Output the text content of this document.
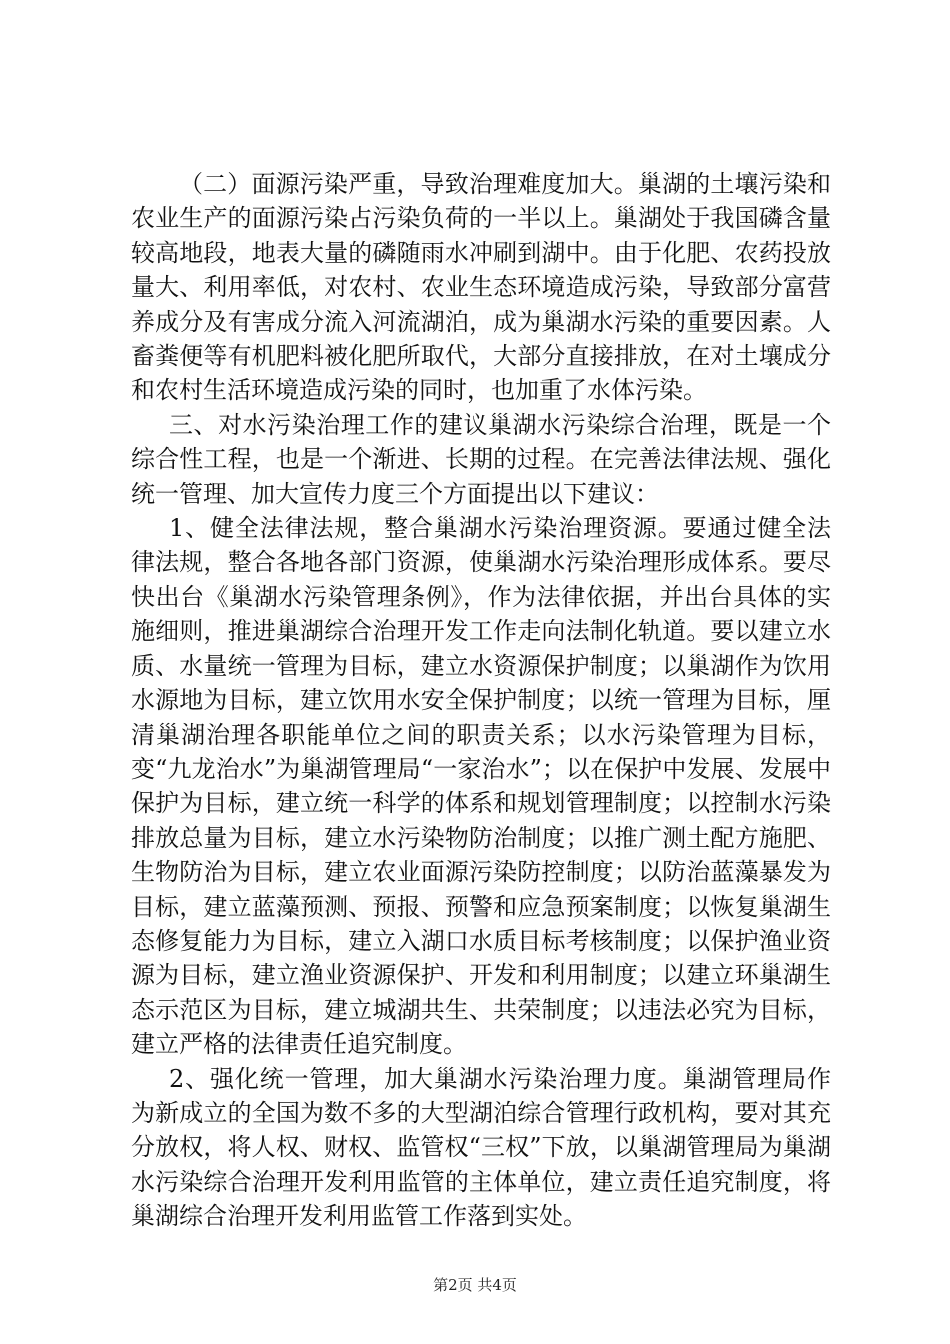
（二）面源污染严重，导致治理难度加大。巢湖的土壤污染和农业生产的面源污染占污染负荷的一半以上。巢湖处于我国磷含量较高地段，地表大量的磷随雨水冲刷到湖中。由于化肥、农药投放量大、利用率低，对农村、农业生态环境造成污染，导致部分富营养成分及有害成分流入河流湖泊，成为巢湖水污染的重要因素。人畜粪便等有机肥料被化肥所取代，大部分直接排放，在对土壤成分和农村生活环境造成污染的同时，也加重了水体污染。

三、对水污染治理工作的建议巢湖水污染综合治理，既是一个综合性工程，也是一个渐进、长期的过程。在完善法律法规、强化统一管理、加大宣传力度三个方面提出以下建议：

1、健全法律法规，整合巢湖水污染治理资源。要通过健全法律法规，整合各地各部门资源，使巢湖水污染治理形成体系。要尽快出台《巢湖水污染管理条例》，作为法律依据，并出台具体的实施细则，推进巢湖综合治理开发工作走向法制化轨道。要以建立水质、水量统一管理为目标，建立水资源保护制度；以巢湖作为饮用水源地为目标，建立饮用水安全保护制度；以统一管理为目标，厘清巢湖治理各职能单位之间的职责关系；以水污染管理为目标，变“九龙治水”为巢湖管理局“一家治水”；以在保护中发展、发展中保护为目标，建立统一科学的体系和规划管理制度；以控制水污染排放总量为目标，建立水污染物防治制度；以推广测土配方施肥、生物防治为目标，建立农业面源污染防控制度；以防治蓝藻暴发为目标，建立蓝藻预测、预报、预警和应急预案制度；以恢复巢湖生态修复能力为目标，建立入湖口水质目标考核制度；以保护渔业资源为目标，建立渔业资源保护、开发和利用制度；以建立环巢湖生态示范区为目标，建立城湖共生、共荣制度；以违法必究为目标，建立严格的法律责任追究制度。

2、强化统一管理，加大巢湖水污染治理力度。巢湖管理局作为新成立的全国为数不多的大型湖泊综合管理行政机构，要对其充分放权，将人权、财权、监管权“三权”下放，以巢湖管理局为巢湖水污染综合治理开发利用监管的主体单位，建立责任追究制度，将巢湖综合治理开发利用监管工作落到实处。

第2页 共4页
